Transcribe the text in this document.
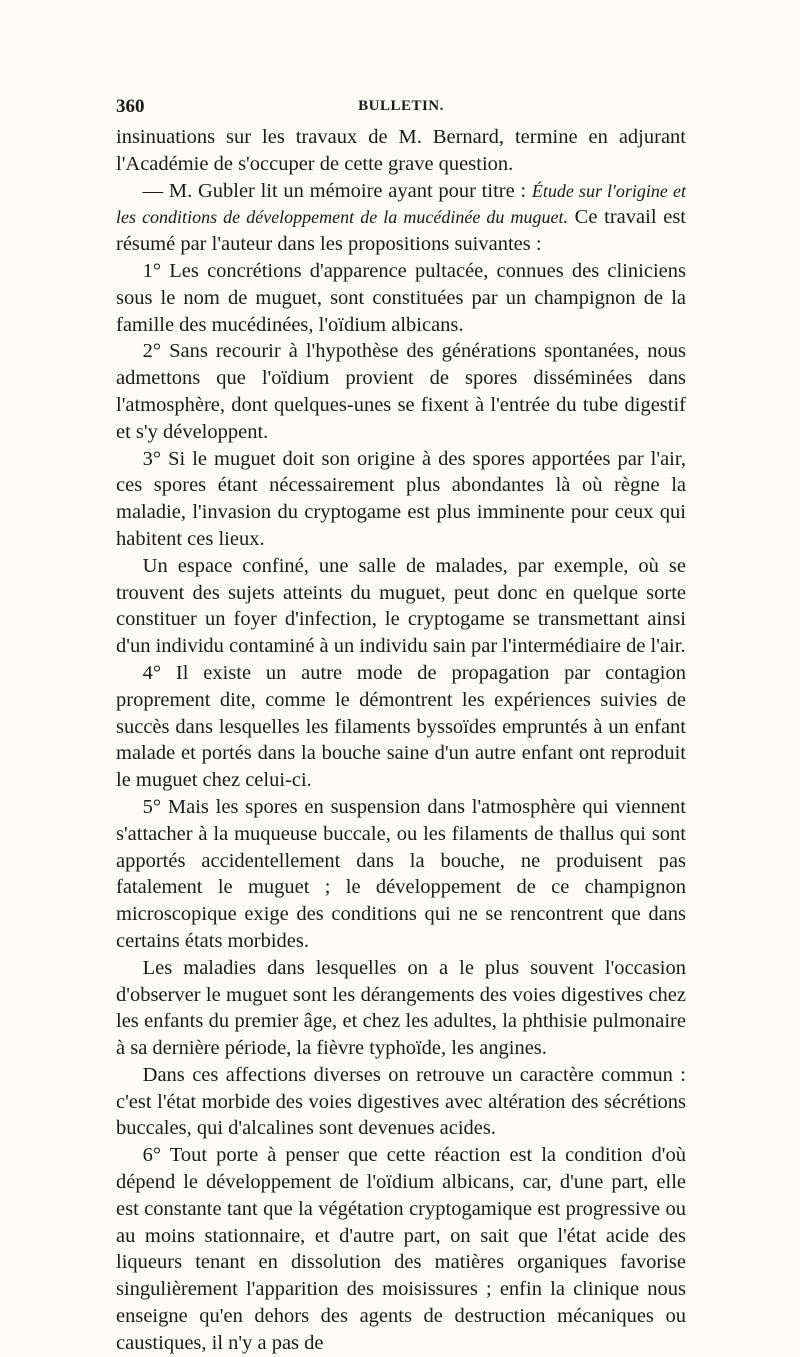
360	BULLETIN.

insinuations sur les travaux de M. Bernard, termine en adjurant l'Académie de s'occuper de cette grave question.

— M. Gubler lit un mémoire ayant pour titre : Étude sur l'origine et les conditions de développement de la mucédinée du muguet. Ce travail est résumé par l'auteur dans les propositions suivantes :

1° Les concrétions d'apparence pultacée, connues des cliniciens sous le nom de muguet, sont constituées par un champignon de la famille des mucédinées, l'oïdium albicans.

2° Sans recourir à l'hypothèse des générations spontanées, nous admettons que l'oïdium provient de spores disséminées dans l'atmosphère, dont quelques-unes se fixent à l'entrée du tube digestif et s'y développent.

3° Si le muguet doit son origine à des spores apportées par l'air, ces spores étant nécessairement plus abondantes là où règne la maladie, l'invasion du cryptogame est plus imminente pour ceux qui habitent ces lieux.

Un espace confiné, une salle de malades, par exemple, où se trouvent des sujets atteints du muguet, peut donc en quelque sorte constituer un foyer d'infection, le cryptogame se transmettant ainsi d'un individu contaminé à un individu sain par l'intermédiaire de l'air.

4° Il existe un autre mode de propagation par contagion proprement dite, comme le démontrent les expériences suivies de succès dans lesquelles les filaments byssoïdes empruntés à un enfant malade et portés dans la bouche saine d'un autre enfant ont reproduit le muguet chez celui-ci.

5° Mais les spores en suspension dans l'atmosphère qui viennent s'attacher à la muqueuse buccale, ou les filaments de thallus qui sont apportés accidentellement dans la bouche, ne produisent pas fatalement le muguet ; le développement de ce champignon microscopique exige des conditions qui ne se rencontrent que dans certains états morbides.

Les maladies dans lesquelles on a le plus souvent l'occasion d'observer le muguet sont les dérangements des voies digestives chez les enfants du premier âge, et chez les adultes, la phthisie pulmonaire à sa dernière période, la fièvre typhoïde, les angines.

Dans ces affections diverses on retrouve un caractère commun : c'est l'état morbide des voies digestives avec altération des sécrétions buccales, qui d'alcalines sont devenues acides.

6° Tout porte à penser que cette réaction est la condition d'où dépend le développement de l'oïdium albicans, car, d'une part, elle est constante tant que la végétation cryptogamique est progressive ou au moins stationnaire, et d'autre part, on sait que l'état acide des liqueurs tenant en dissolution des matières organiques favorise singulièrement l'apparition des moisissures ; enfin la clinique nous enseigne qu'en dehors des agents de destruction mécaniques ou caustiques, il n'y a pas de
